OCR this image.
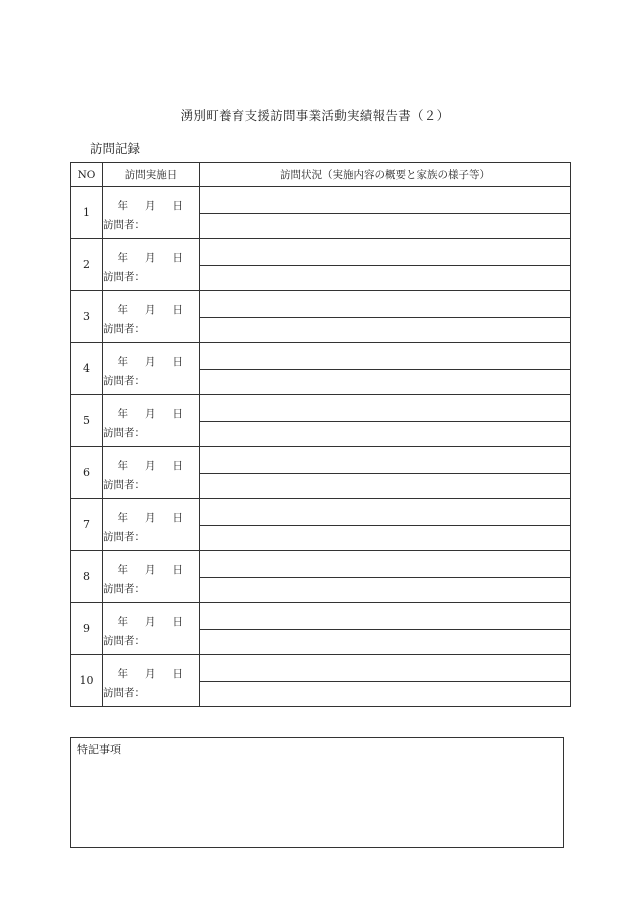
湧別町養育支援訪問事業活動実績報告書（２）
訪問記録
NO	訪問実施日	訪問状況（実施内容の概要と家族の様子等）
1	年 月 日
訪問者：	

2	年 月 日
訪問者：	

3	年 月 日
訪問者：	

4	年 月 日
訪問者：	

5	年 月 日
訪問者：	

6	年 月 日
訪問者：	

7	年 月 日
訪問者：	

8	年 月 日
訪問者：	

9	年 月 日
訪問者：	

10	年 月 日
訪問者：	

特記事項
